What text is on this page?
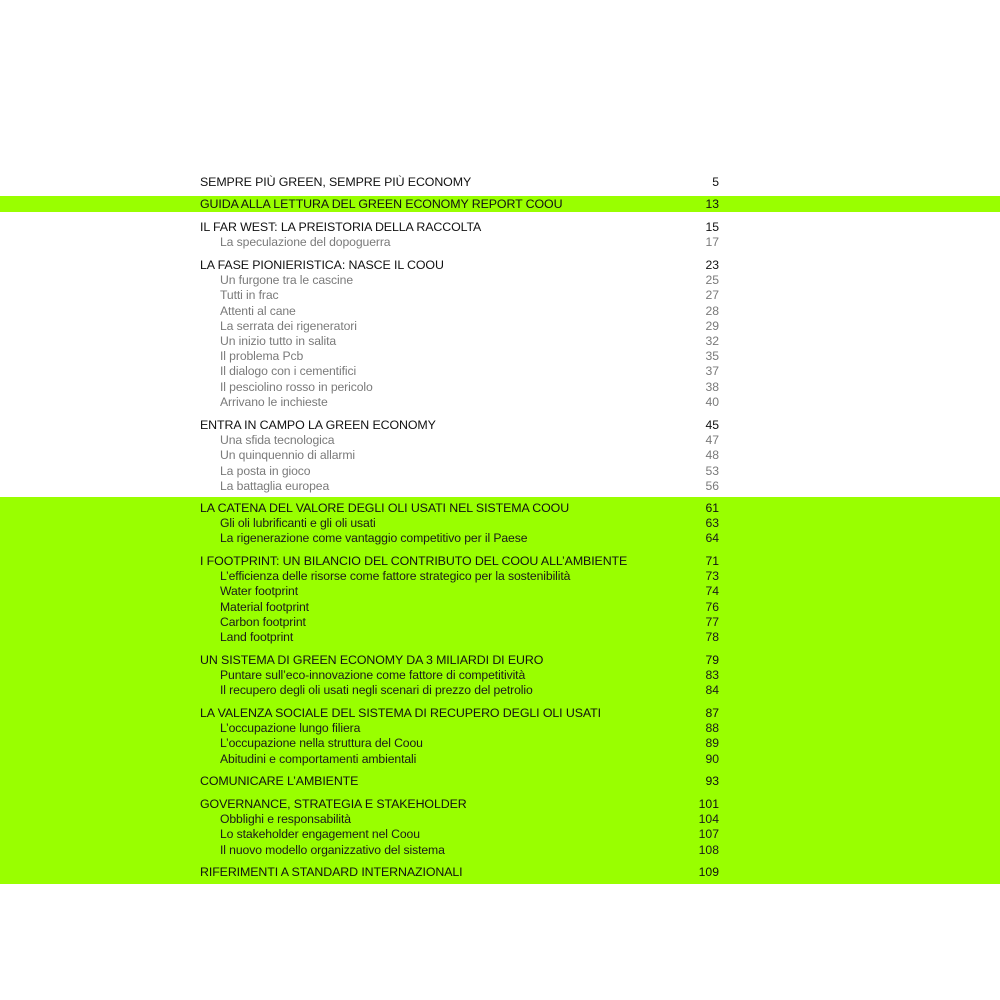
SEMPRE PIÙ GREEN, SEMPRE PIÙ ECONOMY	5
GUIDA ALLA LETTURA DEL GREEN ECONOMY REPORT COOU	13
IL FAR WEST: LA PREISTORIA DELLA RACCOLTA	15
La speculazione del dopoguerra	17
LA FASE PIONIERISTICA: NASCE IL COOU	23
Un furgone tra le cascine	25
Tutti in frac	27
Attenti al cane	28
La serrata dei rigeneratori	29
Un inizio tutto in salita	32
Il problema Pcb	35
Il dialogo con i cementifici	37
Il pesciolino rosso in pericolo	38
Arrivano le inchieste	40
ENTRA IN CAMPO LA GREEN ECONOMY	45
Una sfida tecnologica	47
Un quinquennio di allarmi	48
La posta in gioco	53
La battaglia europea	56
LA CATENA DEL VALORE DEGLI OLI USATI NEL SISTEMA COOU	61
Gli oli lubrificanti e gli oli usati	63
La rigenerazione come vantaggio competitivo per il Paese	64
I FOOTPRINT: UN BILANCIO DEL CONTRIBUTO DEL COOU ALL’AMBIENTE	71
L’efficienza delle risorse come fattore strategico per la sostenibilità	73
Water footprint	74
Material footprint	76
Carbon footprint	77
Land footprint	78
UN SISTEMA DI GREEN ECONOMY DA 3 MILIARDI DI EURO	79
Puntare sull’eco-innovazione come fattore di competitività	83
Il recupero degli oli usati negli scenari di prezzo del petrolio	84
LA VALENZA SOCIALE DEL SISTEMA DI RECUPERO DEGLI OLI USATI	87
L’occupazione lungo filiera	88
L’occupazione nella struttura del Coou	89
Abitudini e comportamenti ambientali	90
COMUNICARE L’AMBIENTE	93
GOVERNANCE, STRATEGIA E STAKEHOLDER	101
Obblighi e responsabilità	104
Lo stakeholder engagement nel Coou	107
Il nuovo modello organizzativo del sistema	108
RIFERIMENTI A STANDARD INTERNAZIONALI	109
